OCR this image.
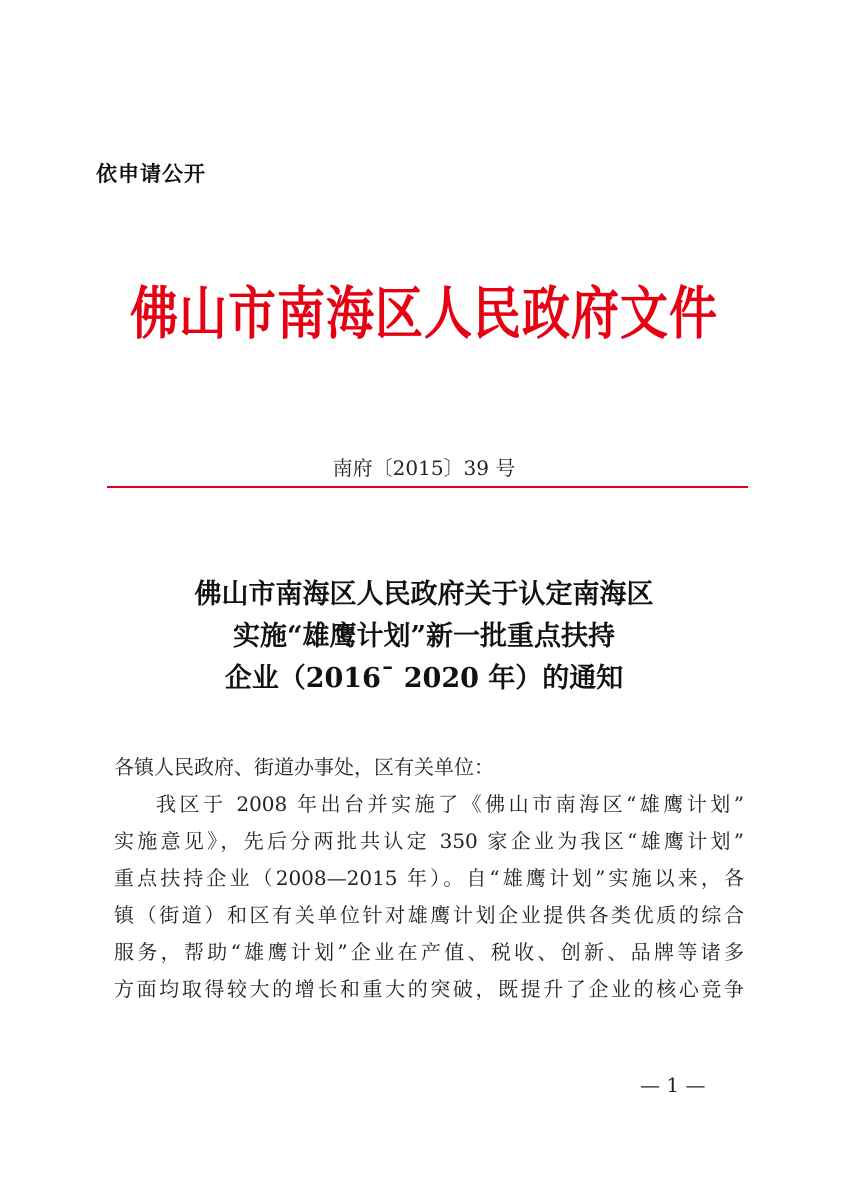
依申请公开
佛山市南海区人民政府文件
南府〔2015〕39 号
佛山市南海区人民政府关于认定南海区
实施“雄鹰计划”新一批重点扶持
企业（2016¯ 2020 年）的通知
各镇人民政府、街道办事处，区有关单位：
我区于 2008 年出台并实施了《佛山市南海区“雄鹰计划”
实施意见》，先后分两批共认定 350 家企业为我区“雄鹰计划”
重点扶持企业（2008—2015 年）。自“雄鹰计划”实施以来，各
镇（街道）和区有关单位针对雄鹰计划企业提供各类优质的综合
服务，帮助“雄鹰计划”企业在产值、税收、创新、品牌等诸多
方面均取得较大的增长和重大的突破，既提升了企业的核心竞争
— 1 —
